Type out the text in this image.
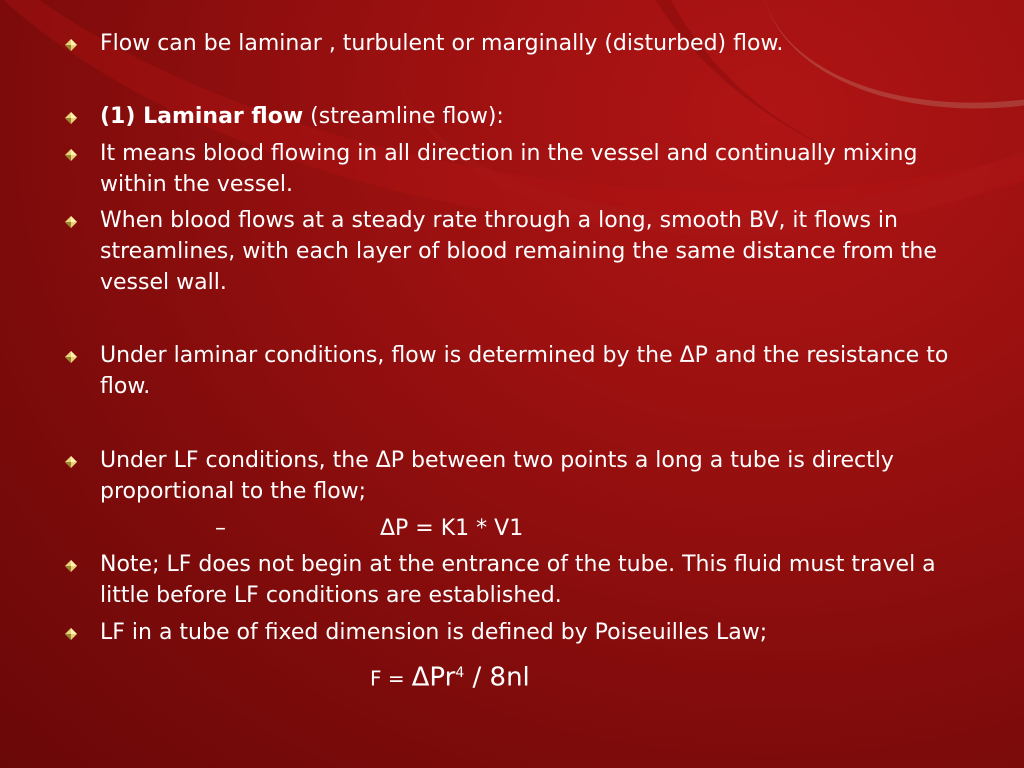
Flow can be laminar , turbulent or marginally (disturbed) flow.
(1) Laminar flow (streamline flow):
It means blood flowing in all direction in the vessel and continually mixing within the vessel.
When blood flows at a steady rate through a long, smooth BV, it flows in streamlines, with each layer of blood remaining the same distance from the vessel wall.
Under laminar conditions, flow is determined by the ΔP and the resistance to flow.
Under LF conditions, the ΔP between two points a long a tube is directly proportional to the flow;
–	ΔP = K1 * V1
Note; LF does not begin at the entrance of the tube. This fluid must travel a little before LF conditions are established.
LF in a tube of fixed dimension is defined by Poiseuilles Law;
F = ΔPr$^4$ / 8nl
